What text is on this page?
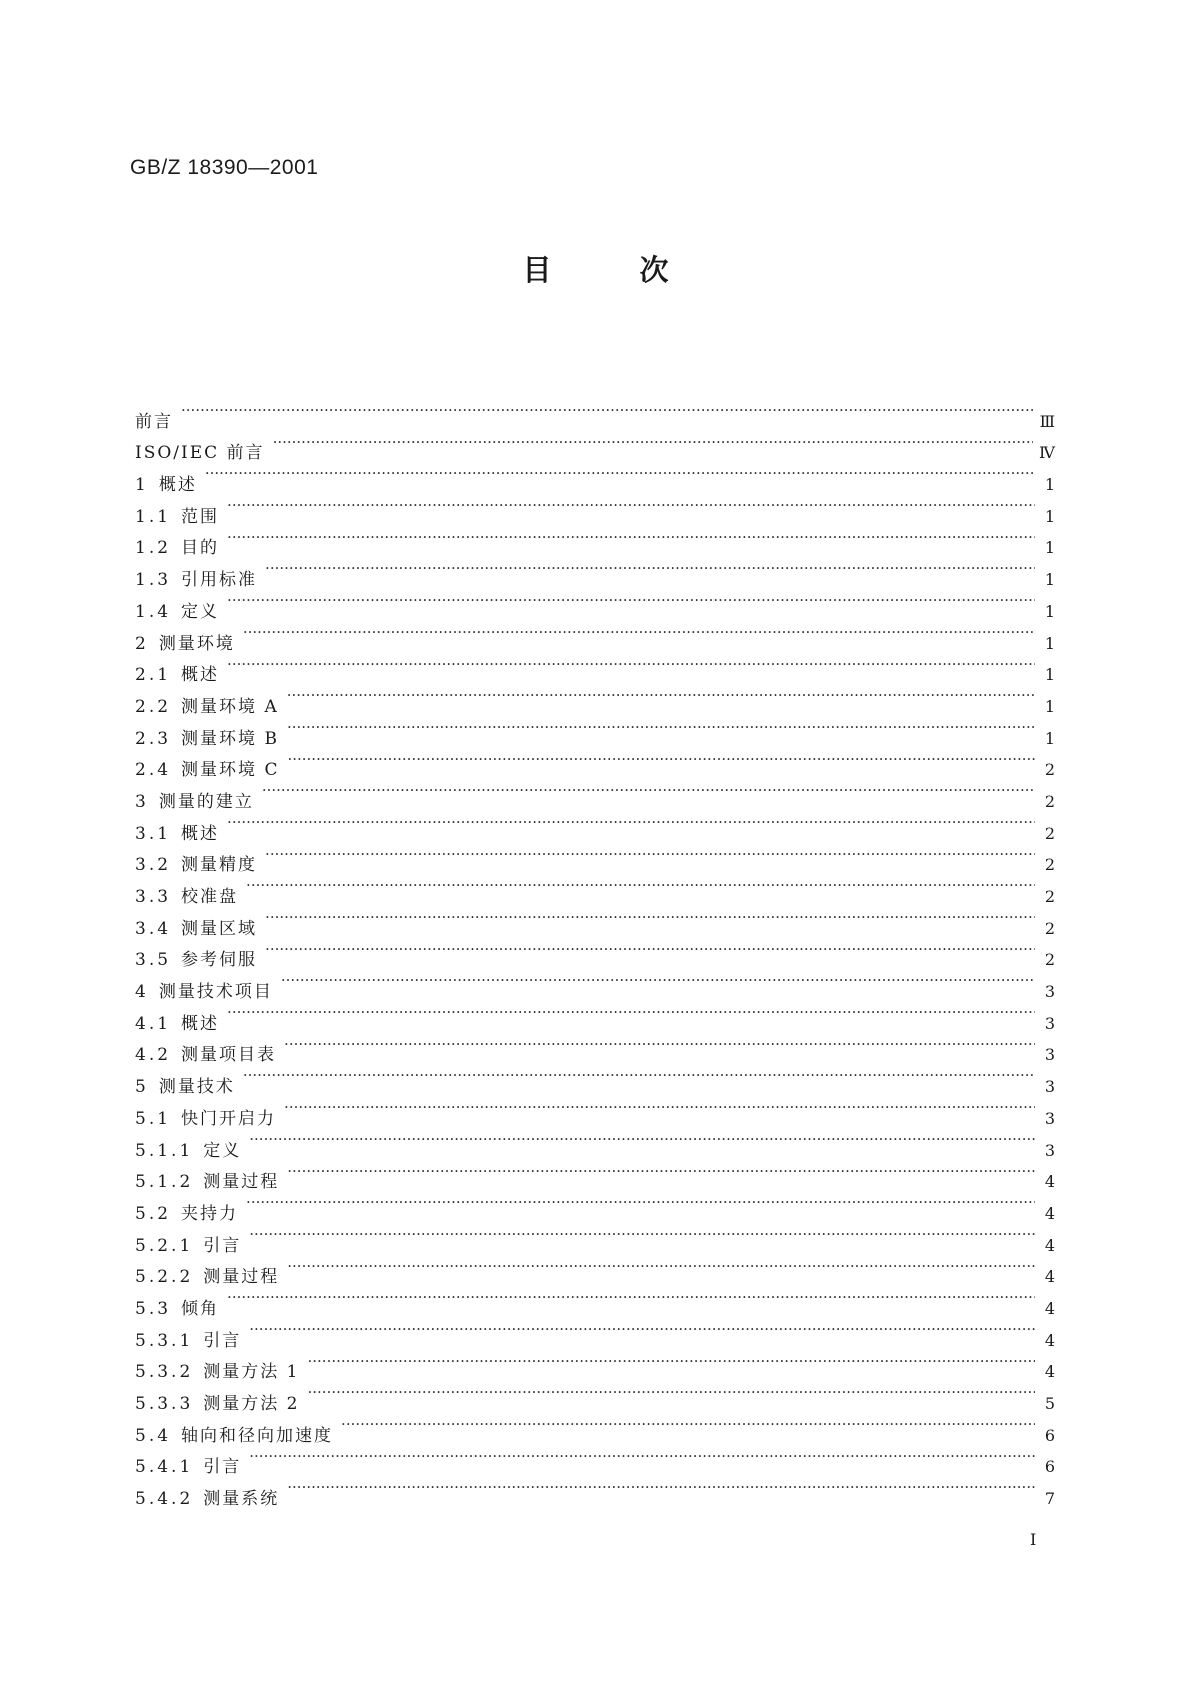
GB/Z 18390—2001
目次
前言 ·····	Ⅲ
ISO/IEC 前言 ·····	Ⅳ
1 概述 ·····	1
1.1 范围 ·····	1
1.2 目的 ·····	1
1.3 引用标准 ·····	1
1.4 定义 ·····	1
2 测量环境 ·····	1
2.1 概述 ·····	1
2.2 测量环境 A ·····	1
2.3 测量环境 B ·····	1
2.4 测量环境 C ·····	2
3 测量的建立 ·····	2
3.1 概述 ·····	2
3.2 测量精度 ·····	2
3.3 校准盘 ·····	2
3.4 测量区域 ·····	2
3.5 参考伺服 ·····	2
4 测量技术项目 ·····	3
4.1 概述 ·····	3
4.2 测量项目表 ·····	3
5 测量技术 ·····	3
5.1 快门开启力 ·····	3
5.1.1 定义 ·····	3
5.1.2 测量过程 ·····	4
5.2 夹持力 ·····	4
5.2.1 引言 ·····	4
5.2.2 测量过程 ·····	4
5.3 倾角 ·····	4
5.3.1 引言 ·····	4
5.3.2 测量方法 1 ·····	4
5.3.3 测量方法 2 ·····	5
5.4 轴向和径向加速度 ·····	6
5.4.1 引言 ·····	6
5.4.2 测量系统 ·····	7
Ⅰ
